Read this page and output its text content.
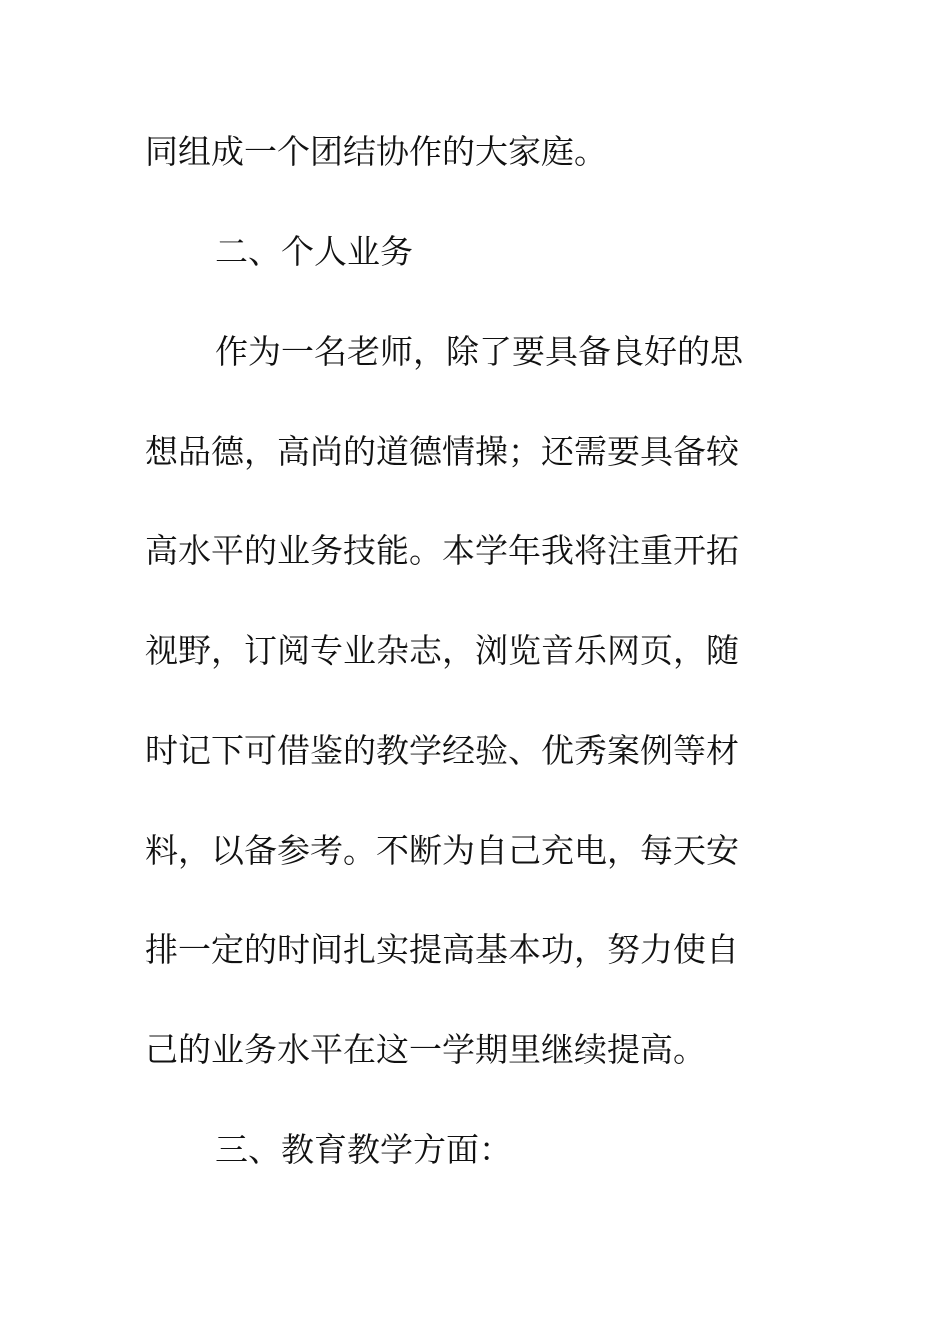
同组成一个团结协作的大家庭。
二、个人业务
作为一名老师，除了要具备良好的思
想品德，高尚的道德情操；还需要具备较
高水平的业务技能。本学年我将注重开拓
视野，订阅专业杂志，浏览音乐网页，随
时记下可借鉴的教学经验、优秀案例等材
料，以备参考。不断为自己充电，每天安
排一定的时间扎实提高基本功，努力使自
己的业务水平在这一学期里继续提高。
三、教育教学方面：
